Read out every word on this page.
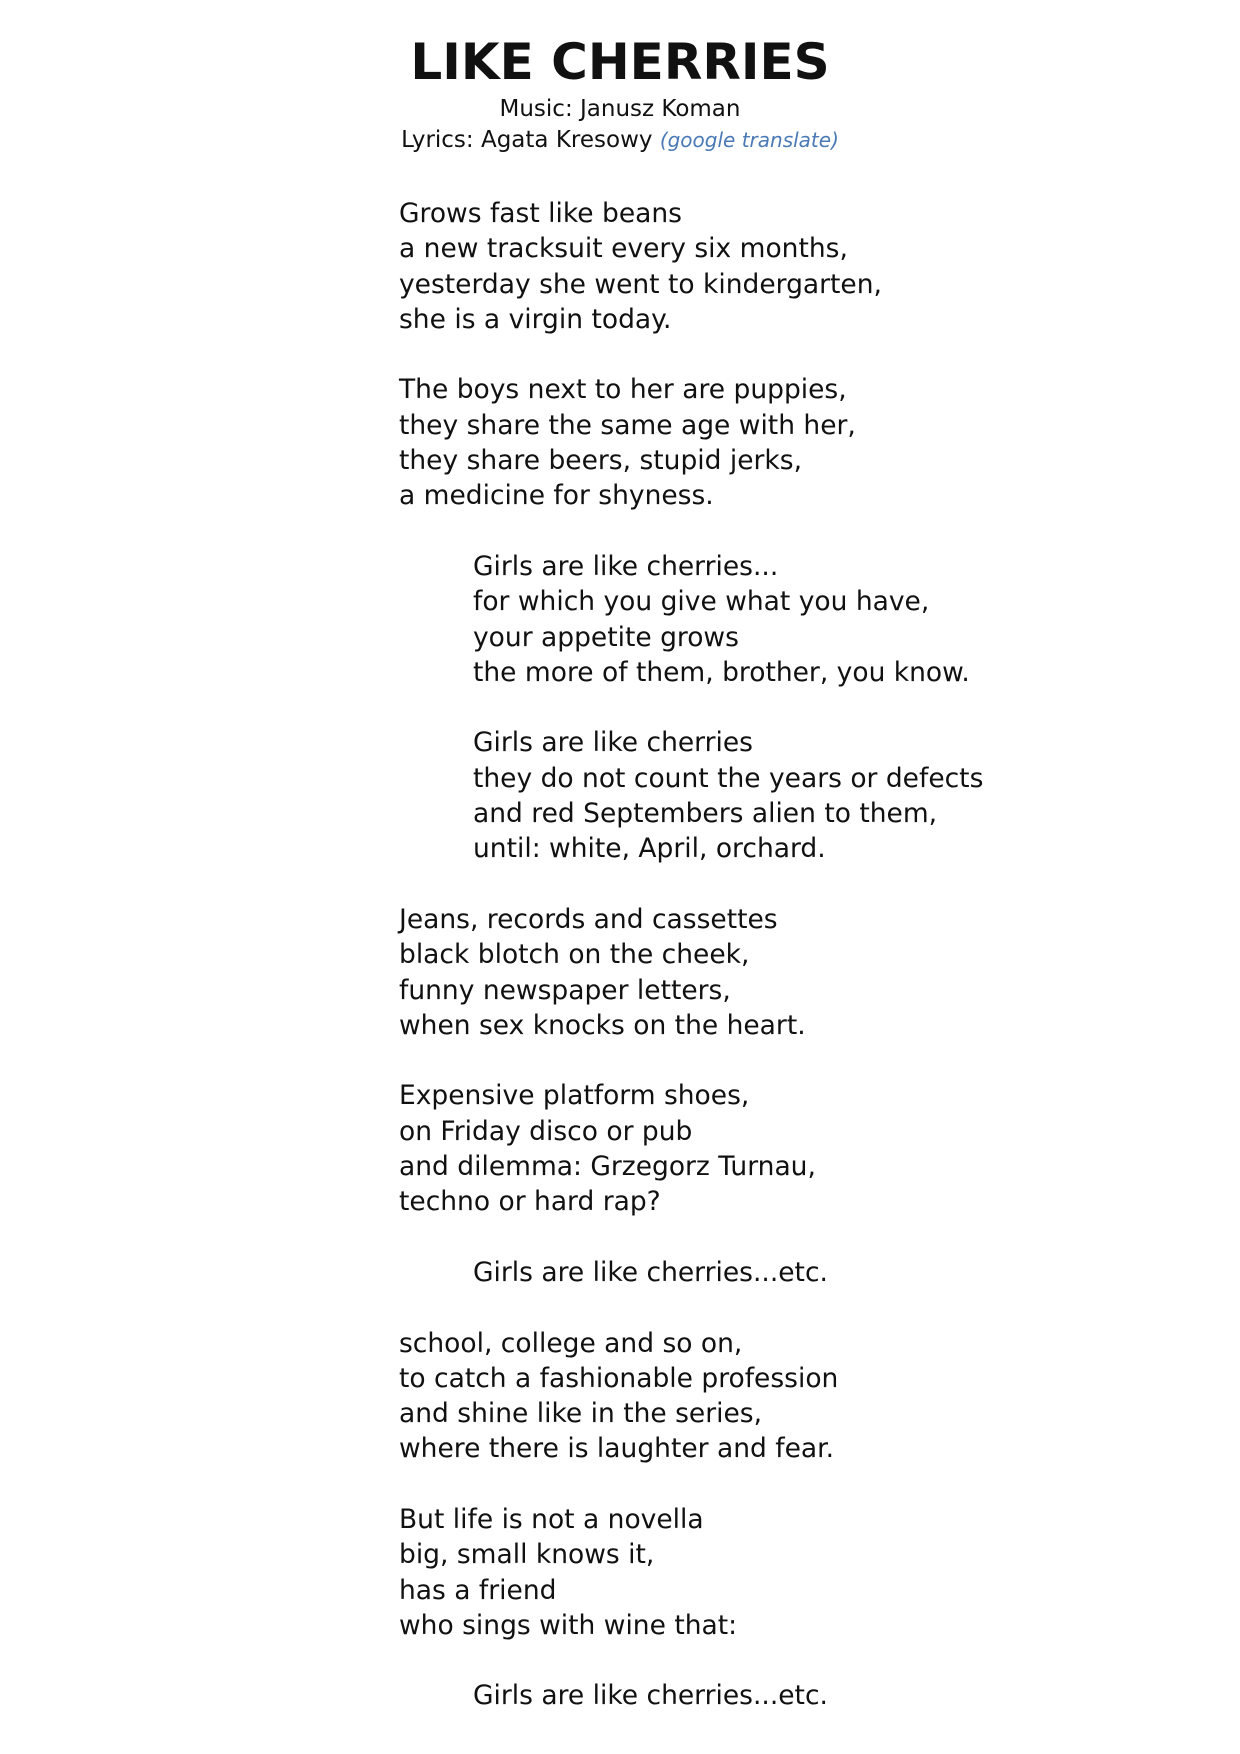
LIKE CHERRIES

Music: Janusz Koman

Lyrics: Agata Kresowy (google translate)

Grows fast like beans
a new tracksuit every six months,
yesterday she went to kindergarten,
she is a virgin today.
The boys next to her are puppies,
they share the same age with her,
they share beers, stupid jerks,
a medicine for shyness.
Girls are like cherries...
for which you give what you have,
your appetite grows
the more of them, brother, you know.
Girls are like cherries
they do not count the years or defects
and red Septembers alien to them,
until: white, April, orchard.
Jeans, records and cassettes
black blotch on the cheek,
funny newspaper letters,
when sex knocks on the heart.
Expensive platform shoes,
on Friday disco or pub
and dilemma: Grzegorz Turnau,
techno or hard rap?
Girls are like cherries...etc.
school, college and so on,
to catch a fashionable profession
and shine like in the series,
where there is laughter and fear.
But life is not a novella
big, small knows it,
has a friend
who sings with wine that:
Girls are like cherries...etc.
